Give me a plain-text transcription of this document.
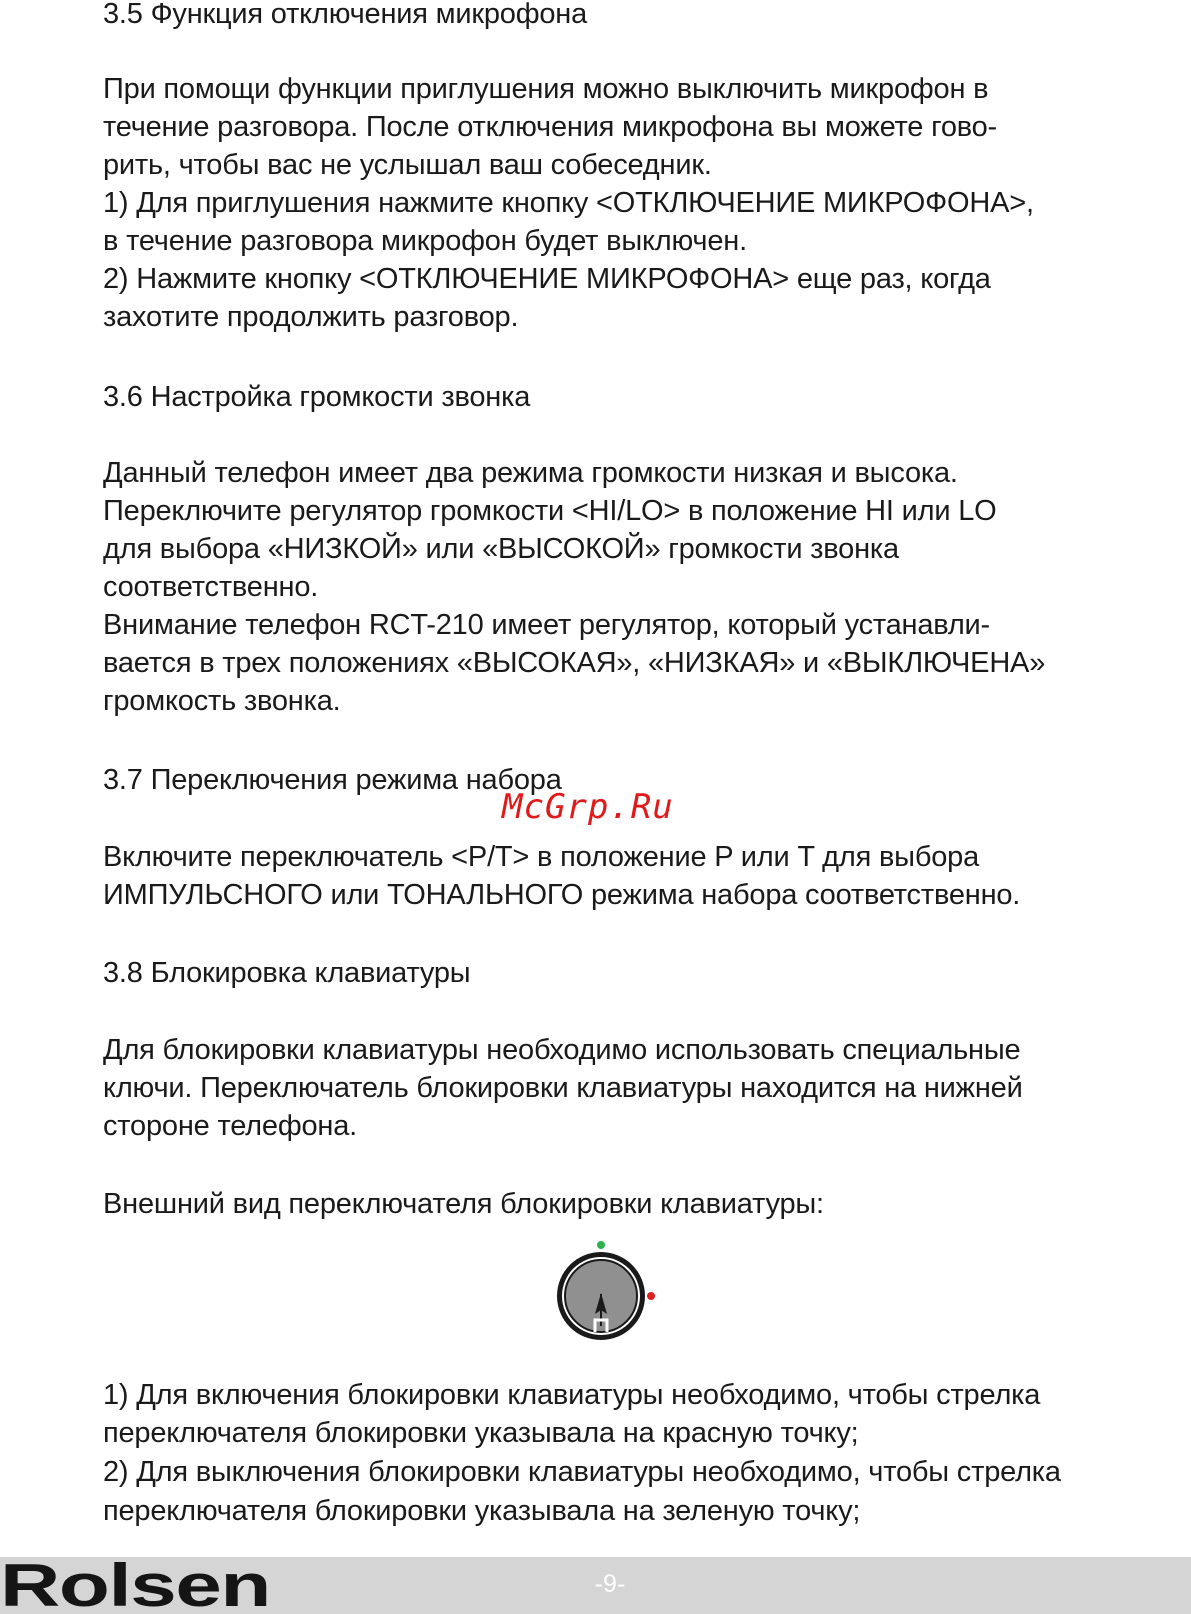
3.5 Функция отключения микрофона
При помощи функции приглушения можно выключить микрофон в
течение разговора. После отключения микрофона вы можете гово-
рить, чтобы вас не услышал ваш собеседник.
1) Для приглушения нажмите кнопку <ОТКЛЮЧЕНИЕ МИКРОФОНА>,
в течение разговора микрофон будет выключен.
2) Нажмите кнопку <ОТКЛЮЧЕНИЕ МИКРОФОНА> еще раз, когда
захотите продолжить разговор.
3.6 Настройка громкости звонка
Данный телефон имеет два режима громкости низкая и высока.
Переключите регулятор громкости <HI/LO> в положение HI или LO
для выбора «НИЗКОЙ» или «ВЫСОКОЙ» громкости звонка
соответственно.
Внимание телефон RCT-210 имеет регулятор, который устанавли-
вается в трех положениях «ВЫСОКАЯ», «НИЗКАЯ» и «ВЫКЛЮЧЕНА»
громкость звонка.
3.7 Переключения режима набора
Включите переключатель <P/T> в положение P или T для выбора
ИМПУЛЬСНОГО или ТОНАЛЬНОГО режима набора соответственно.
3.8 Блокировка клавиатуры
Для блокировки клавиатуры необходимо использовать специальные
ключи. Переключатель блокировки клавиатуры находится на нижней
стороне телефона.
Внешний вид переключателя блокировки клавиатуры:
1) Для включения блокировки клавиатуры необходимо, чтобы стрелка
переключателя блокировки указывала на красную точку;
2) Для выключения блокировки клавиатуры необходимо, чтобы стрелка
переключателя блокировки указывала на зеленую точку;
McGrp.Ru
Rolsen	-9-
